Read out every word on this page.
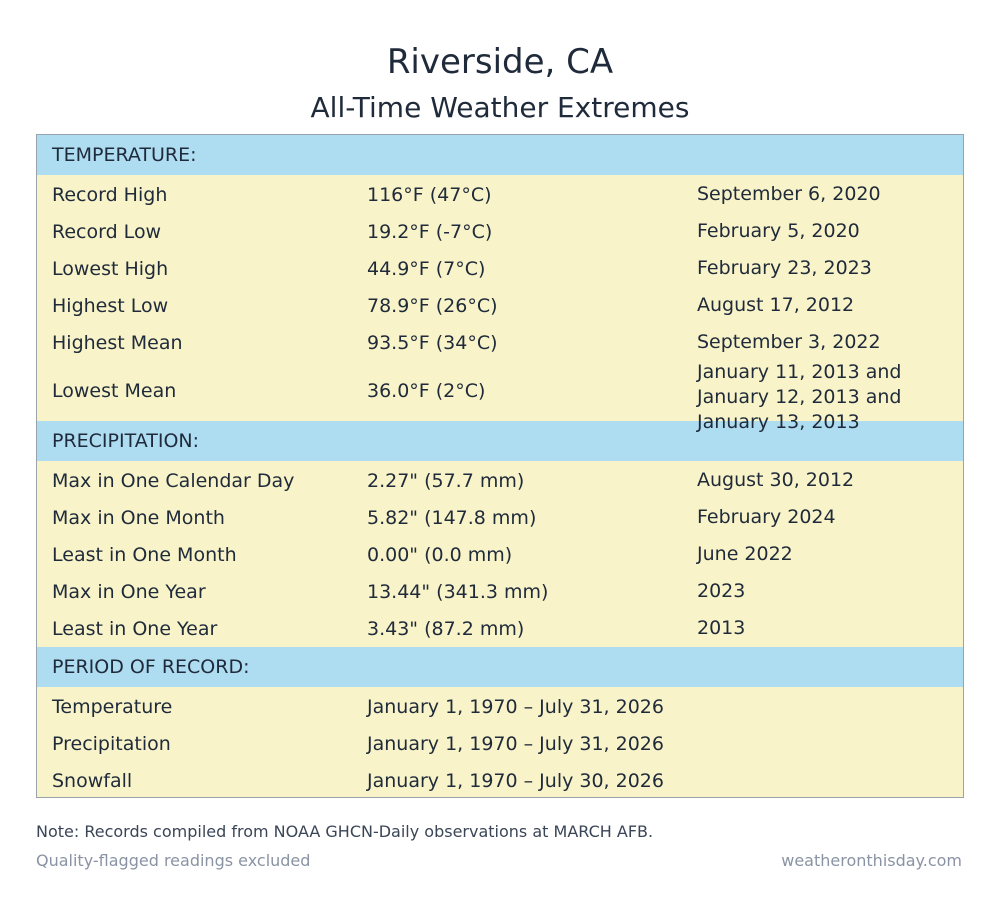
Riverside, CA
All-Time Weather Extremes
TEMPERATURE:
Record High	116°F (47°C)	September 6, 2020
Record Low	19.2°F (-7°C)	February 5, 2020
Lowest High	44.9°F (7°C)	February 23, 2023
Highest Low	78.9°F (26°C)	August 17, 2012
Highest Mean	93.5°F (34°C)	September 3, 2022
Lowest Mean	36.0°F (2°C)
January 11, 2013 and
January 12, 2013 and
January 13, 2013
PRECIPITATION:
Max in One Calendar Day	2.27" (57.7 mm)	August 30, 2012
Max in One Month	5.82" (147.8 mm)	February 2024
Least in One Month	0.00" (0.0 mm)	June 2022
Max in One Year	13.44" (341.3 mm)	2023
Least in One Year	3.43" (87.2 mm)	2013
PERIOD OF RECORD:
Temperature	January 1, 1970 – July 31, 2026
Precipitation	January 1, 1970 – July 31, 2026
Snowfall	January 1, 1970 – July 30, 2026
Note: Records compiled from NOAA GHCN-Daily observations at MARCH AFB.
Quality-flagged readings excluded	weatheronthisday.com
